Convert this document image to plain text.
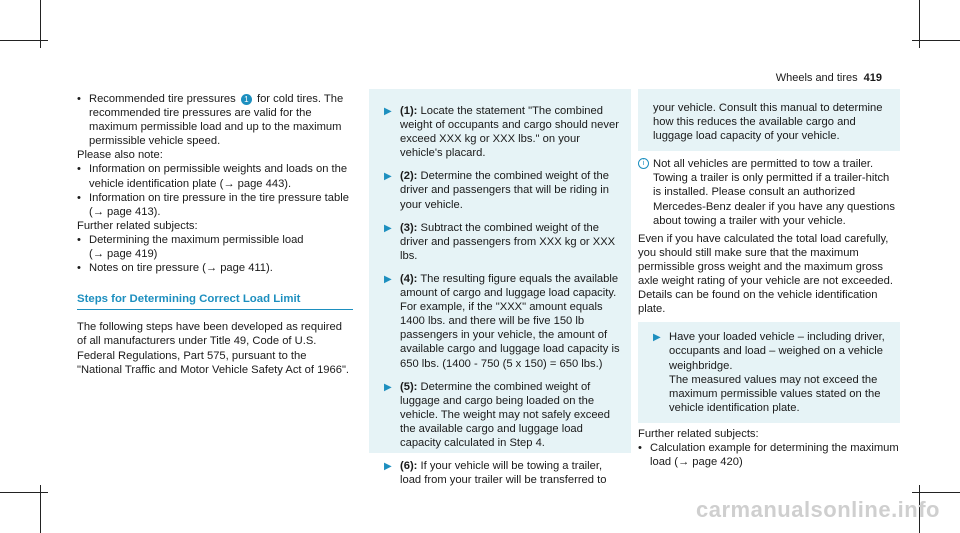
Wheels and tires 419
• Recommended tire pressures 1 for cold tires. The recommended tire pressures are valid for the maximum permissible load and up to the maximum permissible vehicle speed.

Please also note:

• Information on permissible weights and loads on the vehicle identification plate (→ page 443).
• Information on tire pressure in the tire pressure table (→ page 413).

Further related subjects:

• Determining the maximum permissible load (→ page 419)
• Notes on tire pressure (→ page 411).
Steps for Determining Correct Load Limit

The following steps have been developed as required of all manufacturers under Title 49, Code of U.S. Federal Regulations, Part 575, pursuant to the "National Traffic and Motor Vehicle Safety Act of 1966".

▶ (1): Locate the statement "The combined weight of occupants and cargo should never exceed XXX kg or XXX lbs." on your vehicle's placard.
▶ (2): Determine the combined weight of the driver and passengers that will be riding in your vehicle.
▶ (3): Subtract the combined weight of the driver and passengers from XXX kg or XXX lbs.
▶ (4): The resulting figure equals the available amount of cargo and luggage load capacity. For example, if the "XXX" amount equals 1400 lbs. and there will be five 150 lb passengers in your vehicle, the amount of available cargo and luggage load capacity is 650 lbs. (1400 - 750 (5 x 150) = 650 lbs.)
▶ (5): Determine the combined weight of luggage and cargo being loaded on the vehicle. The weight may not safely exceed the available cargo and luggage load capacity calculated in Step 4.
▶ (6): If your vehicle will be towing a trailer, load from your trailer will be transferred to

your vehicle. Consult this manual to determine how this reduces the available cargo and luggage load capacity of your vehicle.

i Not all vehicles are permitted to tow a trailer. Towing a trailer is only permitted if a trailer-hitch is installed. Please consult an authorized Mercedes-Benz dealer if you have any questions about towing a trailer with your vehicle.

Even if you have calculated the total load carefully, you should still make sure that the maximum permissible gross weight and the maximum gross axle weight rating of your vehicle are not exceeded. Details can be found on the vehicle identification plate.

▶ Have your loaded vehicle – including driver, occupants and load – weighed on a vehicle weighbridge.
The measured values may not exceed the maximum permissible values stated on the vehicle identification plate.

Further related subjects:

• Calculation example for determining the maximum load (→ page 420)
carmanualsonline.info
